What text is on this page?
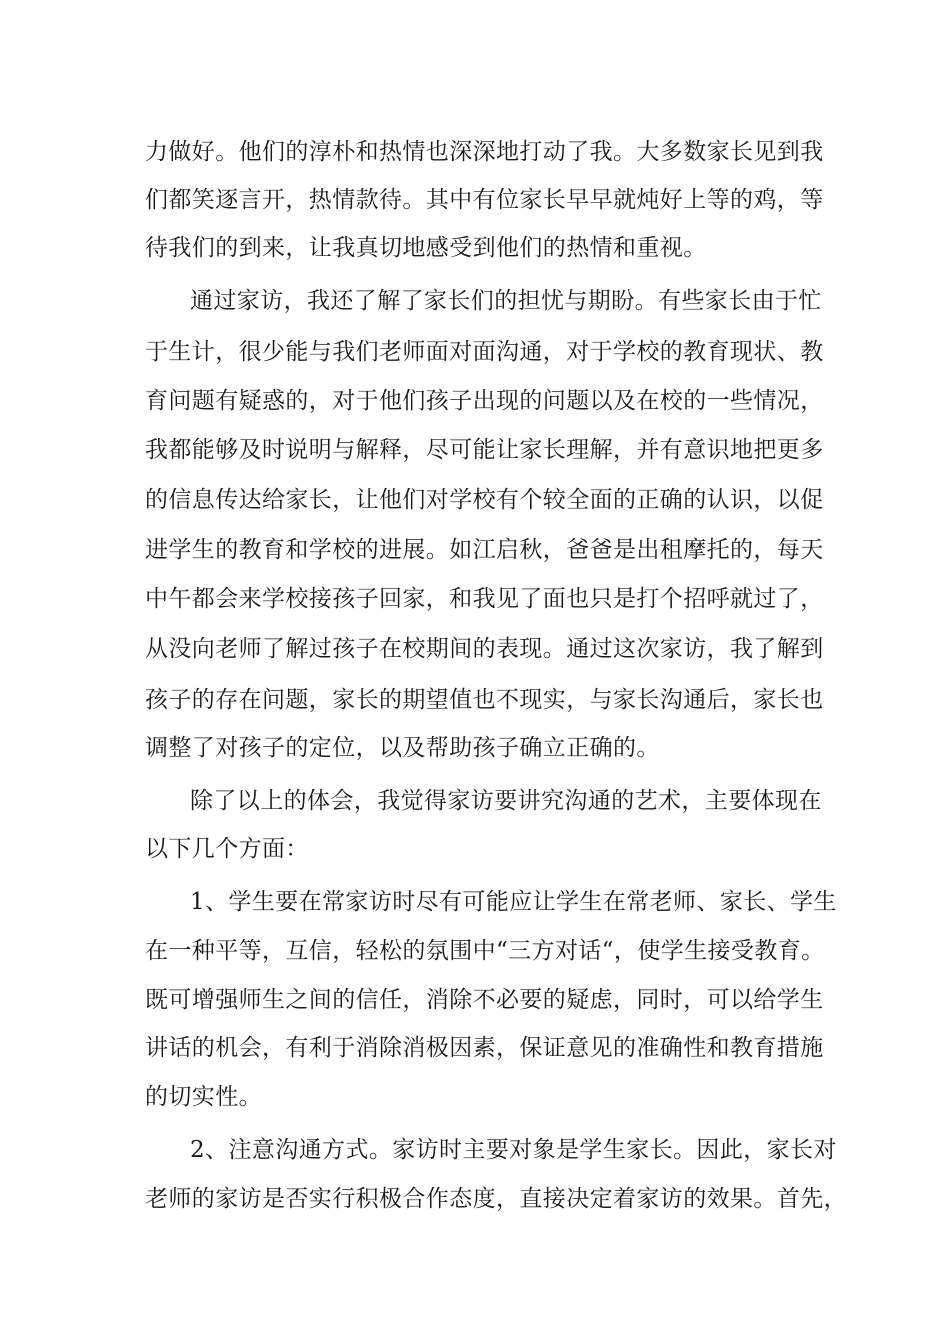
力做好。他们的淳朴和热情也深深地打动了我。大多数家长见到我
们都笑逐言开，热情款待。其中有位家长早早就炖好上等的鸡，等
待我们的到来，让我真切地感受到他们的热情和重视。
通过家访，我还了解了家长们的担忧与期盼。有些家长由于忙
于生计，很少能与我们老师面对面沟通，对于学校的教育现状、教
育问题有疑惑的，对于他们孩子出现的问题以及在校的一些情况，
我都能够及时说明与解释，尽可能让家长理解，并有意识地把更多
的信息传达给家长，让他们对学校有个较全面的正确的认识，以促
进学生的教育和学校的进展。如江启秋，爸爸是出租摩托的，每天
中午都会来学校接孩子回家，和我见了面也只是打个招呼就过了，
从没向老师了解过孩子在校期间的表现。通过这次家访，我了解到
孩子的存在问题，家长的期望值也不现实，与家长沟通后，家长也
调整了对孩子的定位，以及帮助孩子确立正确的。
除了以上的体会，我觉得家访要讲究沟通的艺术，主要体现在
以下几个方面：
1、学生要在常家访时尽有可能应让学生在常老师、家长、学生
在一种平等，互信，轻松的氛围中“三方对话“，使学生接受教育。
既可增强师生之间的信任，消除不必要的疑虑，同时，可以给学生
讲话的机会，有利于消除消极因素，保证意见的准确性和教育措施
的切实性。
2、注意沟通方式。家访时主要对象是学生家长。因此，家长对
老师的家访是否实行积极合作态度，直接决定着家访的效果。首先，
